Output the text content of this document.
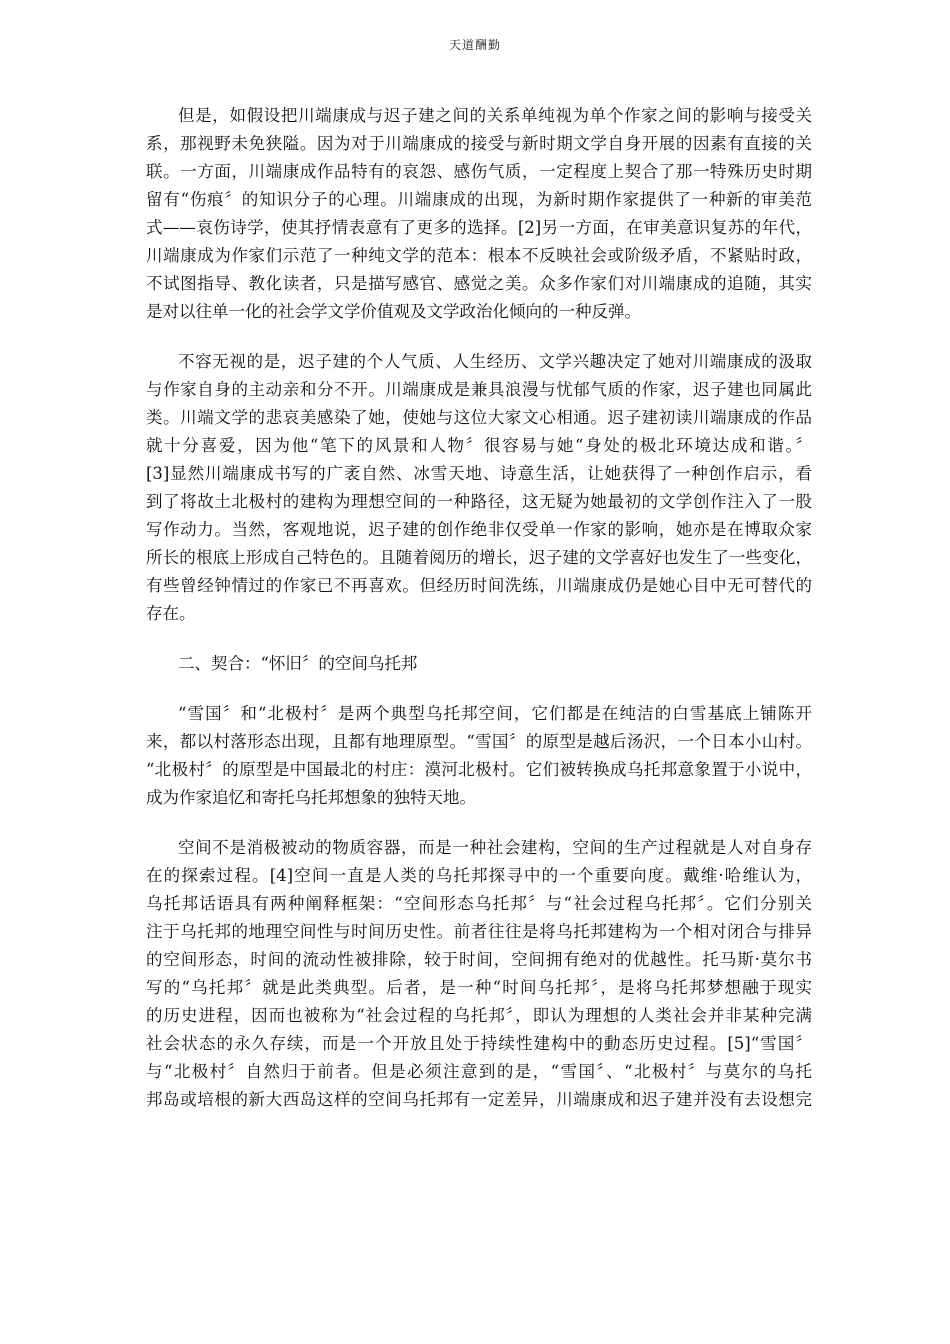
天道酬勤
但是，如假设把川端康成与迟子建之间的关系单纯视为单个作家之间的影响与接受关
系，那视野未免狭隘。因为对于川端康成的接受与新时期文学自身开展的因素有直接的关
联。一方面，川端康成作品特有的哀怨、感伤气质，一定程度上契合了那一特殊历史时期
留有“伤痕〞的知识分子的心理。川端康成的出现，为新时期作家提供了一种新的审美范
式——哀伤诗学，使其抒情表意有了更多的选择。[2]另一方面，在审美意识复苏的年代，
川端康成为作家们示范了一种纯文学的范本：根本不反映社会或阶级矛盾，不紧贴时政，
不试图指导、教化读者，只是描写感官、感觉之美。众多作家们对川端康成的追随，其实
是对以往单一化的社会学文学价值观及文学政治化倾向的一种反弹。
不容无视的是，迟子建的个人气质、人生经历、文学兴趣决定了她对川端康成的汲取
与作家自身的主动亲和分不开。川端康成是兼具浪漫与忧郁气质的作家，迟子建也同属此
类。川端文学的悲哀美感染了她，使她与这位大家文心相通。迟子建初读川端康成的作品
就十分喜爱，因为他“笔下的风景和人物〞很容易与她“身处的极北环境达成和谐。〞
[3]显然川端康成书写的广袤自然、冰雪天地、诗意生活，让她获得了一种创作启示，看
到了将故土北极村的建构为理想空间的一种路径，这无疑为她最初的文学创作注入了一股
写作动力。当然，客观地说，迟子建的创作绝非仅受单一作家的影响，她亦是在博取众家
所长的根底上形成自己特色的。且随着阅历的增长，迟子建的文学喜好也发生了一些变化，
有些曾经钟情过的作家已不再喜欢。但经历时间洗练，川端康成仍是她心目中无可替代的
存在。
二、契合：“怀旧〞的空间乌托邦
“雪国〞和“北极村〞是两个典型乌托邦空间，它们都是在纯洁的白雪基底上铺陈开
来，都以村落形态出现，且都有地理原型。“雪国〞的原型是越后汤沢，一个日本小山村。
“北极村〞的原型是中国最北的村庄：漠河北极村。它们被转换成乌托邦意象置于小说中，
成为作家追忆和寄托乌托邦想象的独特天地。
空间不是消极被动的物质容器，而是一种社会建构，空间的生产过程就是人对自身存
在的探索过程。[4]空间一直是人类的乌托邦探寻中的一个重要向度。戴维·哈维认为，
乌托邦话语具有两种阐释框架：“空间形态乌托邦〞与“社会过程乌托邦〞。它们分别关
注于乌托邦的地理空间性与时间历史性。前者往往是将乌托邦建构为一个相对闭合与排异
的空间形态，时间的流动性被排除，较于时间，空间拥有绝对的优越性。托马斯·莫尔书
写的“乌托邦〞就是此类典型。后者，是一种“时间乌托邦〞，是将乌托邦梦想融于现实
的历史进程，因而也被称为“社会过程的乌托邦〞，即认为理想的人类社会并非某种完满
社会状态的永久存续，而是一个开放且处于持续性建构中的動态历史过程。[5]“雪国〞
与“北极村〞自然归于前者。但是必须注意到的是，“雪国〞、“北极村〞与莫尔的乌托
邦岛或培根的新大西岛这样的空间乌托邦有一定差异，川端康成和迟子建并没有去设想完
